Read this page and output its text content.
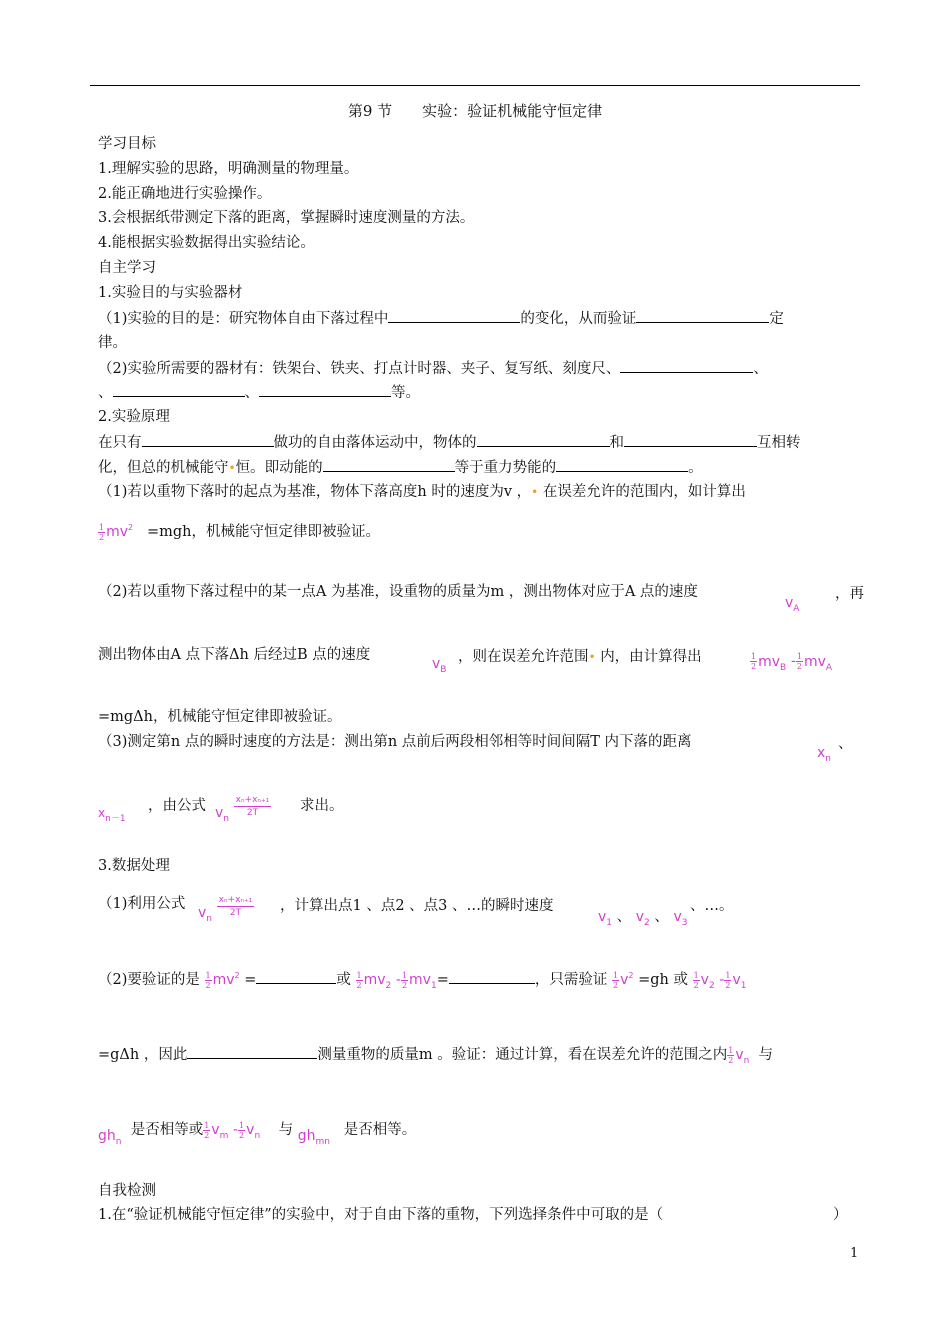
第9 节　　实验：验证机械能守恒定律
学习目标
1.理解实验的思路，明确测量的物理量。
2.能正确地进行实验操作。
3.会根据纸带测定下落的距离，掌握瞬时速度测量的方法。
4.能根据实验数据得出实验结论。
自主学习
1.实验目的与实验器材
（1)实验的目的是：研究物体自由下落过程中	的变化，从而验证	定
律。
（2)实验所需要的器材有：铁架台、铁夹、打点计时器、夹子、复写纸、刻度尺、	、
、	、	等。
2.实验原理
在只有	做功的自由落体运动中，物体的	和	互相转
化，但总的机械能守•恒。即动能的	等于重力势能的	。
（1)若以重物下落时的起点为基准，物体下落高度h 时的速度为v ，• 在误差允许的范围内，如计算出
$\frac{1}{2} mv^2 =mgh$，机械能守恒定律即被验证。
（2)若以重物下落过程中的某一点A 为基准，设重物的质量为m ，测出物体对应于A 点的速度
$v_A$
，再
测出物体由A 点下落Δh 后经过B 点的速度
$v_B$
，则在误差允许范围• 内，由计算得出	$\frac{1}{2} mv_B - \frac{1}{2} mv_A$
=mgΔh，机械能守恒定律即被验证。
（3)测定第n 点的瞬时速度的方法是：测出第n 点前后两段相邻相等时间间隔T 内下落的距离
$x_n$
、
$x_{n-1}$
，由公式 $v_n \frac{\text{xₙ+xₙ₊₁}}{2T}$ 求出。
3.数据处理
（1)利用公式
$v_n \frac{\text{xₙ+xₙ₊₁}}{2T}$ ，计算出点1 、点2 、点3 、…的瞬时速度
$v_1$ 、 $v_2$ 、 $v_3$
、…。
（2)要验证的是 $\frac{1}{2} mv^2$ =	或 $\frac{1}{2} mv_2 - \frac{1}{2} mv_1=$	，只需验证 $\frac{1}{2} v^2 =gh$ 或 $\frac{1}{2} v_2 - \frac{1}{2} v_1$
=gΔh ，因此	测量重物的质量m 。验证：通过计算，看在误差允许的范围之内 $\frac{1}{2} v_n$ 与
$gh_n$  是否相等或 $\frac{1}{2} v_m - \frac{1}{2} v_n$ 与 $gh_{mn}$   是否相等。
自我检测
1.在“验证机械能守恒定律”的实验中，对于自由下落的重物，下列选择条件中可取的是（	）
1
